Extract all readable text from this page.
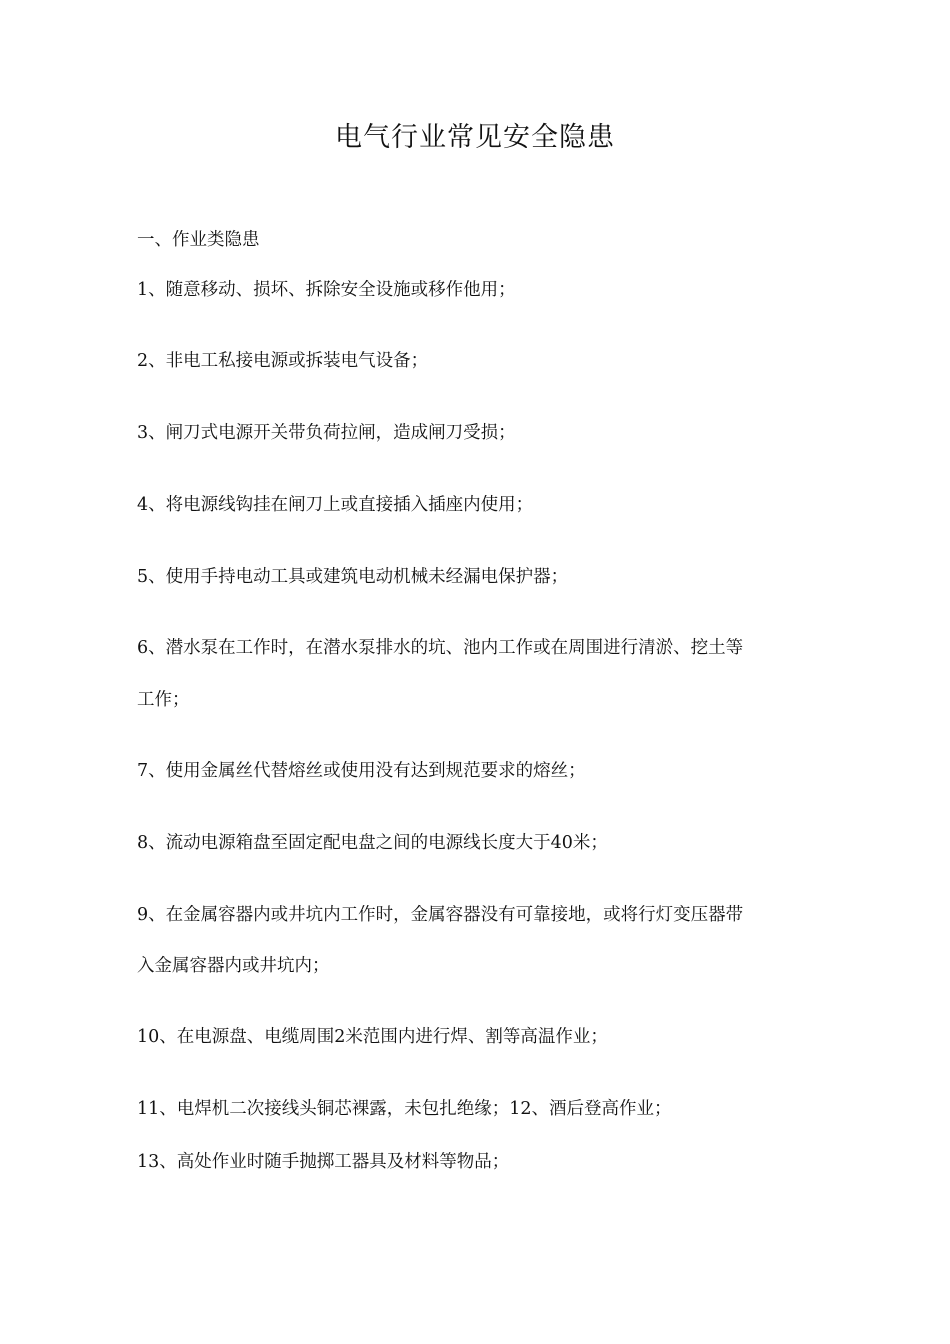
电气行业常见安全隐患
一、作业类隐患
1、随意移动、损坏、拆除安全设施或移作他用；
2、非电工私接电源或拆装电气设备；
3、闸刀式电源开关带负荷拉闸，造成闸刀受损；
4、将电源线钩挂在闸刀上或直接插入插座内使用；
5、使用手持电动工具或建筑电动机械未经漏电保护器；
6、潜水泵在工作时，在潜水泵排水的坑、池内工作或在周围进行清淤、挖土等
工作；
7、使用金属丝代替熔丝或使用没有达到规范要求的熔丝；
8、流动电源箱盘至固定配电盘之间的电源线长度大于40米；
9、在金属容器内或井坑内工作时，金属容器没有可靠接地，或将行灯变压器带
入金属容器内或井坑内；
10、在电源盘、电缆周围2米范围内进行焊、割等高温作业；
11、电焊机二次接线头铜芯裸露，未包扎绝缘；12、酒后登高作业；
13、高处作业时随手抛掷工器具及材料等物品；
